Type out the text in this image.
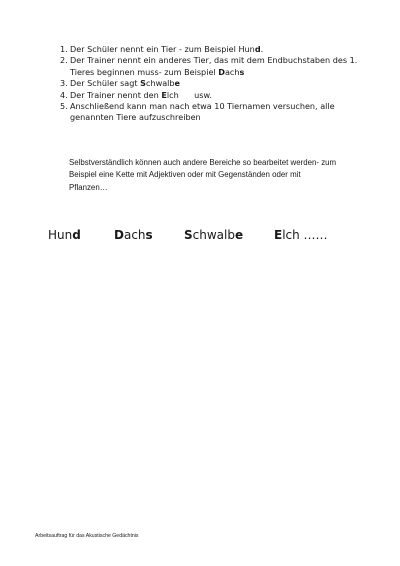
1. Der Schüler nennt ein Tier - zum Beispiel Hund.
2. Der Trainer nennt ein anderes Tier, das mit dem Endbuchstaben des 1. Tieres beginnen muss- zum Beispiel Dachs
3. Der Schüler sagt Schwalbe
4. Der Trainer nennt den Elch      usw.
5. Anschließend kann man nach etwa 10 Tiernamen versuchen, alle genannten Tiere aufzuschreiben

Selbstverständlich können auch andere Bereiche so bearbeitet werden- zum Beispiel eine Kette mit Adjektiven oder mit Gegenständen oder mit Pflanzen…

Hund	Dachs	Schwalbe	Elch ……
Arbeitsauftrag für das Akustische Gedächtnis
